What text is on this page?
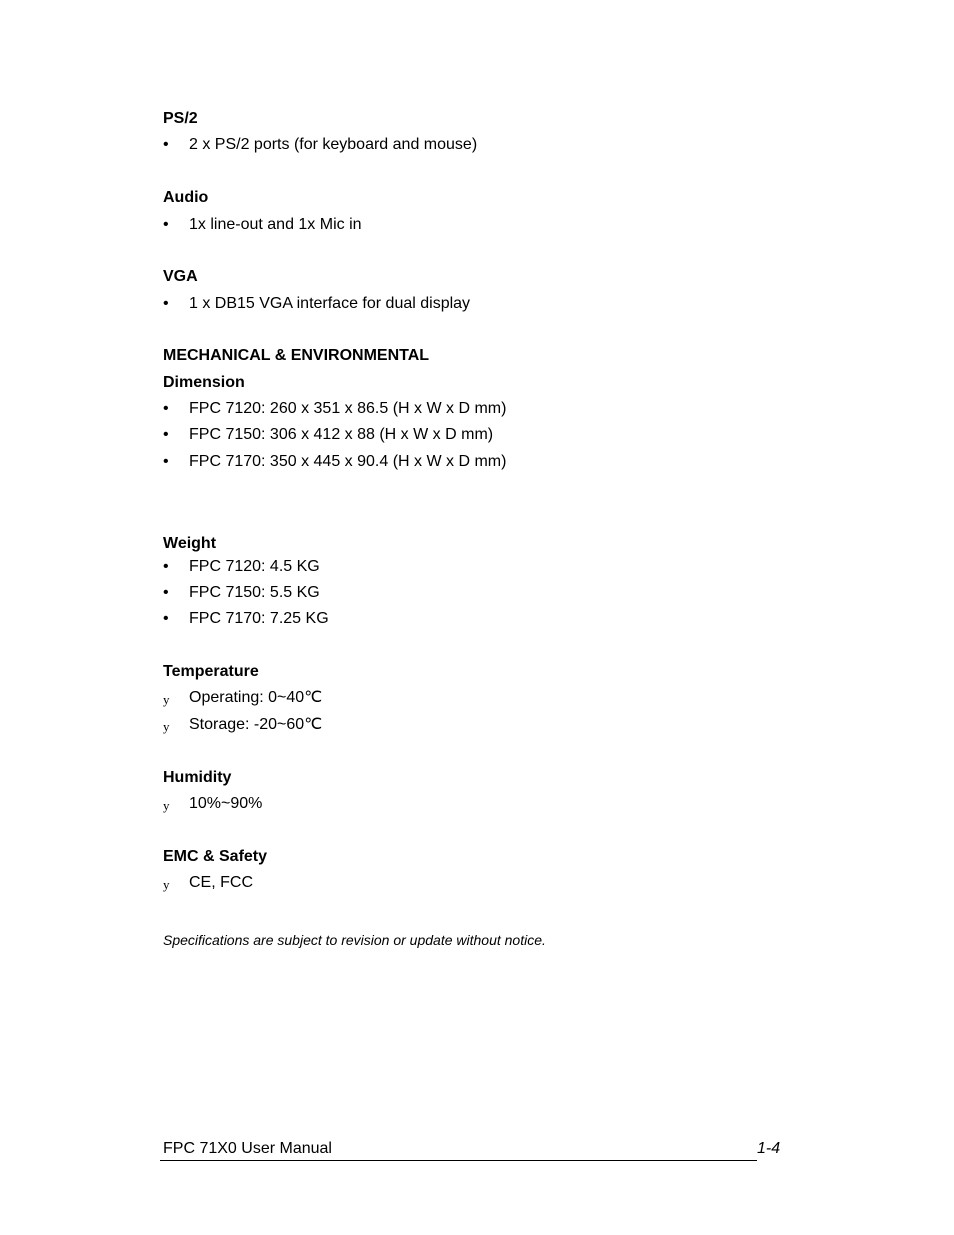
PS/2
• 2 x PS/2 ports (for keyboard and mouse)
Audio
• 1x line-out and 1x Mic in
VGA
• 1 x DB15 VGA interface for dual display
MECHANICAL & ENVIRONMENTAL
Dimension
• FPC 7120: 260 x 351 x 86.5 (H x W x D mm)
• FPC 7150: 306 x 412 x 88 (H x W x D mm)
• FPC 7170: 350 x 445 x 90.4 (H x W x D mm)
Weight
• FPC 7120: 4.5 KG
• FPC 7150: 5.5 KG
• FPC 7170: 7.25 KG
Temperature
y Operating: 0~40℃
y Storage: -20~60℃
Humidity
y 10%~90%
EMC & Safety
y CE, FCC
Specifications are subject to revision or update without notice.
FPC 71X0 User Manual	1-4
